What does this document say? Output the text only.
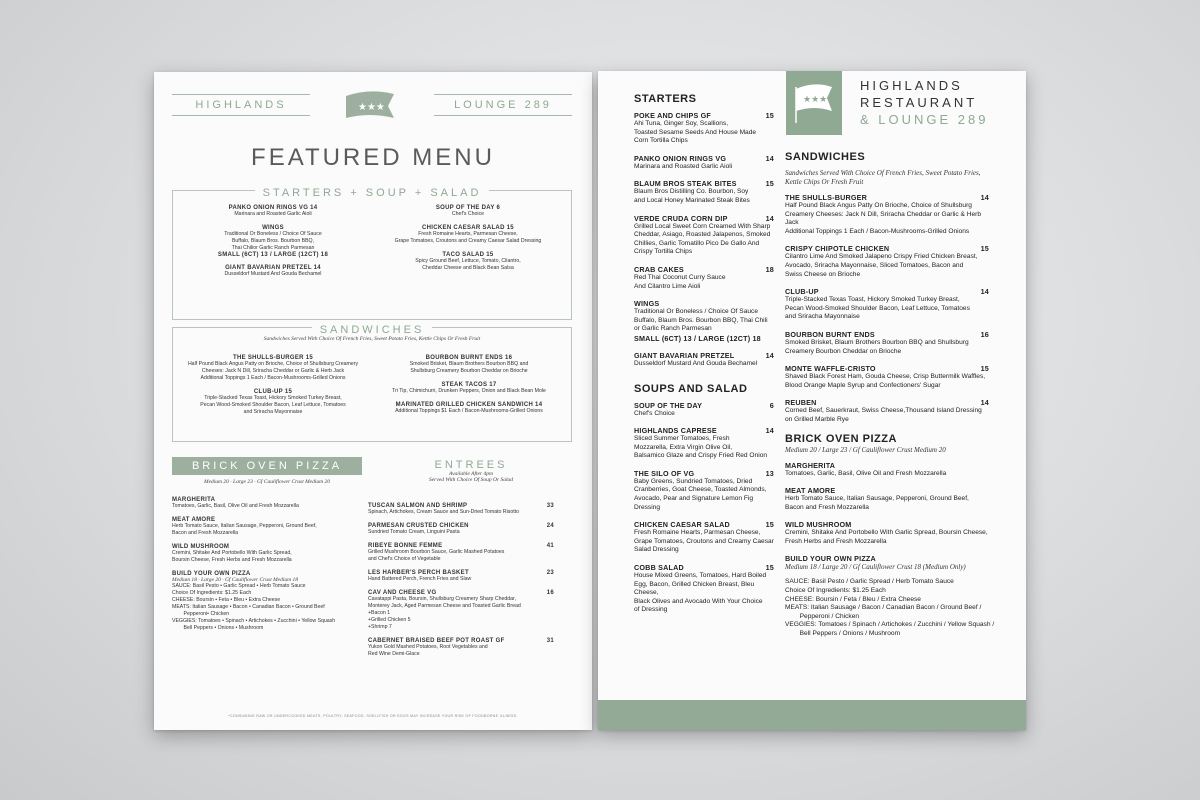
HIGHLANDS	★★★	LOUNGE 289
FEATURED MENU
STARTERS + SOUP + SALAD
PANKO ONION RINGS VG 14
Marinara and Roasted Garlic Aioli
WINGS
Traditional Or Boneless / Choice Of Sauce
Buffalo, Blaum Bros. Bourbon BBQ,
Thai Chilior Garlic Ranch Parmesan
SMALL (6CT) 13 / LARGE (12CT) 18
GIANT BAVARIAN PRETZEL 14
Dusseldorf Mustard And Gouda Bechamel
SOUP OF THE DAY 6
Chef's Choice
CHICKEN CAESAR SALAD 15
Fresh Romaine Hearts, Parmesan Cheese,
Grape Tomatoes, Croutons and Creamy Caesar Salad Dressing
TACO SALAD 15
Spicy Ground Beef, Lettuce, Tomato, Cilantro,
Cheddar Cheese and Black Bean Salsa
SANDWICHES
Sandwiches Served With Choice Of French Fries, Sweet Potato Fries, Kettle Chips Or Fresh Fruit
THE SHULLS-BURGER 15
Half Pound Black Angus Patty on Brioche, Choice of Shullsburg Creamery
Cheeses: Jack N Dill, Sriracha Cheddar or Garlic & Herb Jack
Additional Toppings 1 Each / Bacon-Mushrooms-Grilled Onions
CLUB-UP 15
Triple-Stacked Texas Toast, Hickory Smoked Turkey Breast,
Pecan Wood-Smoked Shoulder Bacon, Leaf Lettuce, Tomatoes
and Sriracha Mayonnaise
BOURBON BURNT ENDS 16
Smoked Brisket, Blaum Brothers Bourbon BBQ and
Shullsburg Creamery Bourbon Cheddar on Brioche
STEAK TACOS 17
Tri Tip, Chimichurri, Drunken Peppers, Onion and Black Bean Mole
MARINATED GRILLED CHICKEN SANDWICH 14
Additional Toppings $1 Each / Bacon-Mushrooms-Grilled Onions
BRICK OVEN PIZZA
Medium 20 · Large 23 · Gf Cauliflower Crust Medium 20
MARGHERITA
Tomatoes, Garlic, Basil, Olive Oil and Fresh Mozzarella
MEAT AMORE
Herb Tomato Sauce, Italian Sausage, Pepperoni, Ground Beef,
Bacon and Fresh Mozzarella
WILD MUSHROOM
Cremini, Shitake And Portobello With Garlic Spread,
Boursin Cheese, Fresh Herbs and Fresh Mozzarella
BUILD YOUR OWN PIZZA
Medium 18 · Large 20 · Gf Cauliflower Crust Medium 18
SAUCE: Basil Pesto • Garlic Spread • Herb Tomato Sauce
Choice Of Ingredients: $1.25 Each
CHEESE: Boursin • Feta • Bleu • Extra Cheese
MEATS: Italian Sausage • Bacon • Canadian Bacon • Ground Beef
Pepperoni• Chicken
VEGGIES: Tomatoes • Spinach • Artichokes • Zucchini • Yellow Squash
Bell Peppers • Onions • Mushroom
ENTREES
Available After 4pm
Served With Choice Of Soup Or Salad
TUSCAN SALMON AND SHRIMP	33
Spinach, Artichokes, Cream Sauce and Sun-Dried Tomato Risotto
PARMESAN CRUSTED CHICKEN	24
Sundried Tomato Cream, Linguini Pasta
RIBEYE BONNE FEMME	41
Grilled Mushroom Bourbon Sauce, Garlic Mashed Potatoes
and Chef's Choice of Vegetable
LES HARBER'S PERCH BASKET	23
Hand Battered Perch, French Fries and Slaw
CAV AND CHEESE VG	16
Cavatappi Pasta, Boursin, Shullsburg Creamery Sharp Cheddar,
Monterey Jack, Aged Parmesan Cheese and Toasted Garlic Bread
+Bacon 1
+Grilled Chicken 5
+Shrimp 7
CABERNET BRAISED BEEF POT ROAST GF	31
Yukon Gold Mashed Potatoes, Root Vegetables and
Red Wine Demi-Glace
*CONSUMING RAW OR UNDERCOOKED MEATS, POULTRY, SEAFOOD, SHELLFISH OR EGGS MAY INCREASE YOUR RISK OF FOODBORNE ILLNESS.
★★★
HIGHLANDS
RESTAURANT
& LOUNGE 289
STARTERS
POKE AND CHIPS GF	15
Ahi Tuna, Ginger Soy, Scallions,
Toasted Sesame Seeds And House Made
Corn Tortilla Chips
PANKO ONION RINGS VG	14
Marinara and Roasted Garlic Aioli
BLAUM BROS STEAK BITES	15
Blaum Bros Distilling Co. Bourbon, Soy
and Local Honey Marinated Steak Bites
VERDE CRUDA CORN DIP	14
Grilled Local Sweet Corn Creamed With Sharp
Cheddar, Asiago, Roasted Jalapenos, Smoked
Chillies, Garlic Tomatillo Pico De Gallo And
Crispy Tortilla Chips
CRAB CAKES	18
Red Thai Coconut Curry Sauce
And Cilantro Lime Aioli
WINGS
Traditional Or Boneless / Choice Of Sauce
Buffalo, Blaum Bros. Bourbon BBQ, Thai Chili
or Garlic Ranch Parmesan
SMALL (6CT) 13 / LARGE (12CT) 18
GIANT BAVARIAN PRETZEL	14
Dusseldorf Mustard And Gouda Bechamel
SOUPS AND SALAD
SOUP OF THE DAY	6
Chef's Choice
HIGHLANDS CAPRESE	14
Sliced Summer Tomatoes, Fresh
Mozzarella, Extra Virgin Olive Oil,
Balsamico Glaze and Crispy Fried Red Onion
THE SILO OF VG	13
Baby Greens, Sundried Tomatoes, Dried
Cranberries, Goat Cheese, Toasted Almonds,
Avocado, Pear and Signature Lemon Fig Dressing
CHICKEN CAESAR SALAD	15
Fresh Romaine Hearts, Parmesan Cheese,
Grape Tomatoes, Croutons and Creamy Caesar
Salad Dressing
COBB SALAD	15
House Mixed Greens, Tomatoes, Hard Boiled
Egg, Bacon, Grilled Chicken Breast, Bleu Cheese,
Black Olives and Avocado With Your Choice
of Dressing
SANDWICHES
Sandwiches Served With Choice Of French Fries, Sweet Potato Fries,
Kettle Chips Or Fresh Fruit
THE SHULLS-BURGER	14
Half Pound Black Angus Patty On Brioche, Choice of Shullsburg
Creamery Cheeses: Jack N Dill, Sriracha Cheddar or Garlic & Herb Jack
Additional Toppings 1 Each / Bacon-Mushrooms-Grilled Onions
CRISPY CHIPOTLE CHICKEN	15
Cilantro Lime And Smoked Jalapeno Crispy Fried Chicken Breast,
Avocado, Sriracha Mayonnaise, Sliced Tomatoes, Bacon and
Swiss Cheese on Brioche
CLUB-UP	14
Triple-Stacked Texas Toast, Hickory Smoked Turkey Breast,
Pecan Wood-Smoked Shoulder Bacon, Leaf Lettuce, Tomatoes
and Sriracha Mayonnaise
BOURBON BURNT ENDS	16
Smoked Brisket, Blaum Brothers Bourbon BBQ and Shullsburg
Creamery Bourbon Cheddar on Brioche
MONTE WAFFLE-CRISTO	15
Shaved Black Forest Ham, Gouda Cheese, Crisp Buttermilk Waffles,
Blood Orange Maple Syrup and Confectioners' Sugar
REUBEN	14
Corned Beef, Sauerkraut, Swiss Cheese,Thousand Island Dressing
on Grilled Marble Rye
BRICK OVEN PIZZA
Medium 20 / Large 23 / Gf Cauliflower Crust Medium 20
MARGHERITA
Tomatoes, Garlic, Basil, Olive Oil and Fresh Mozzarella
MEAT AMORE
Herb Tomato Sauce, Italian Sausage, Pepperoni, Ground Beef,
Bacon and Fresh Mozzarella
WILD MUSHROOM
Cremini, Shitake And Portobello With Garlic Spread, Boursin Cheese,
Fresh Herbs and Fresh Mozzarella
BUILD YOUR OWN PIZZA
Medium 18 / Large 20 / Gf Cauliflower Crust 18 (Medium Only)
SAUCE: Basil Pesto / Garlic Spread / Herb Tomato Sauce
Choice Of Ingredients: $1.25 Each
CHEESE: Boursin / Feta / Bleu / Extra Cheese
MEATS: Italian Sausage / Bacon / Canadian Bacon / Ground Beef /
Pepperoni / Chicken
VEGGIES: Tomatoes / Spinach / Artichokes / Zucchini / Yellow Squash /
Bell Peppers / Onions / Mushroom
